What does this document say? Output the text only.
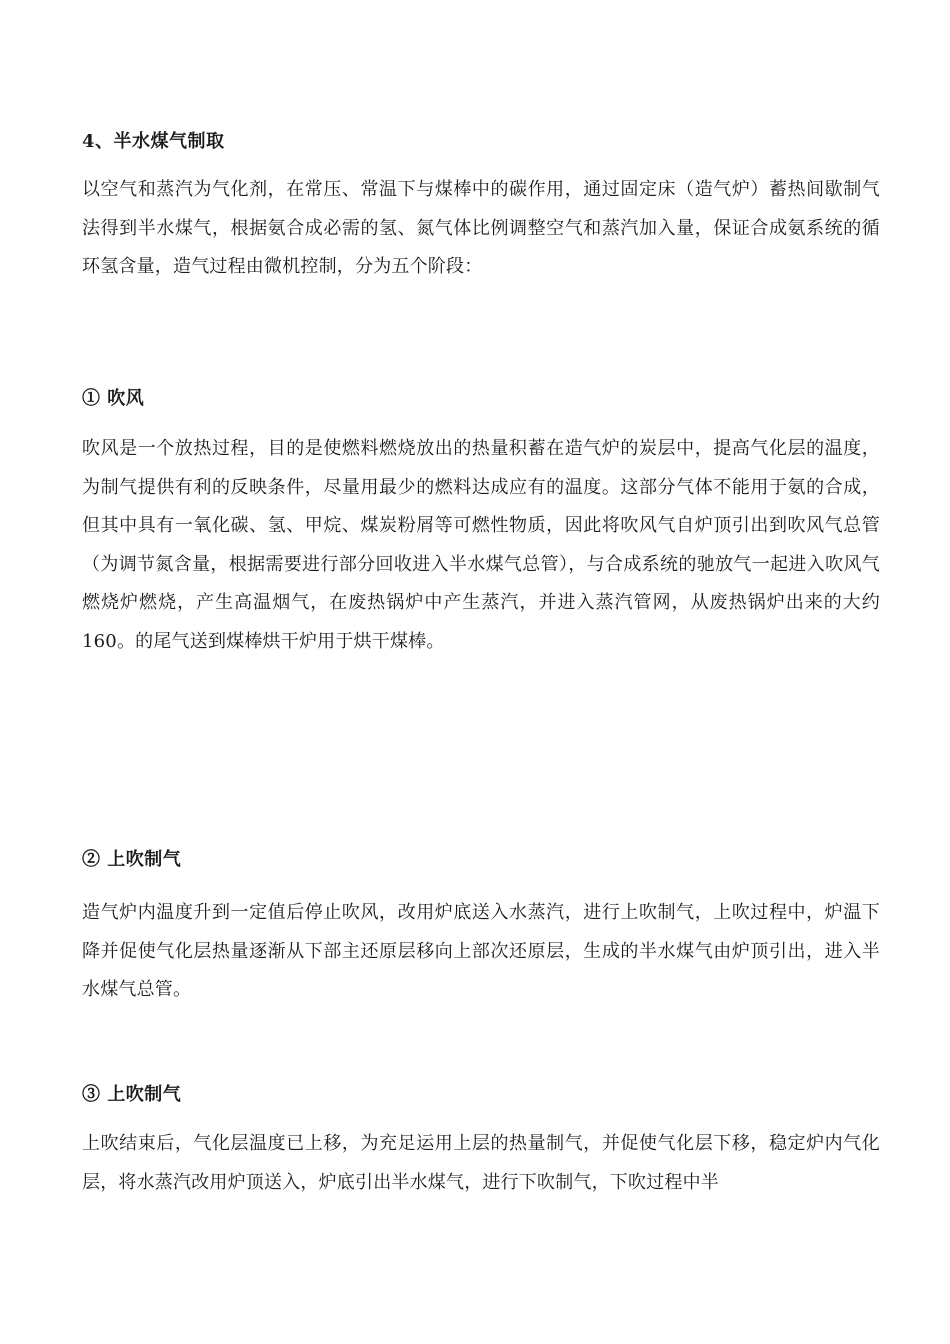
4、半水煤气制取

以空气和蒸汽为气化剂，在常压、常温下与煤棒中的碳作用，通过固定床（造气炉）蓄热间歇制气法得到半水煤气，根据氨合成必需的氢、氮气体比例调整空气和蒸汽加入量，保证合成氨系统的循环氢含量，造气过程由微机控制，分为五个阶段：

① 吹风

吹风是一个放热过程，目的是使燃料燃烧放出的热量积蓄在造气炉的炭层中，提高气化层的温度，为制气提供有利的反映条件，尽量用最少的燃料达成应有的温度。这部分气体不能用于氨的合成，但其中具有一氧化碳、氢、甲烷、煤炭粉屑等可燃性物质，因此将吹风气自炉顶引出到吹风气总管（为调节氮含量，根据需要进行部分回收进入半水煤气总管），与合成系统的驰放气一起进入吹风气燃烧炉燃烧，产生高温烟气，在废热锅炉中产生蒸汽，并进入蒸汽管网，从废热锅炉出来的大约160。的尾气送到煤棒烘干炉用于烘干煤棒。

② 上吹制气

造气炉内温度升到一定值后停止吹风，改用炉底送入水蒸汽，进行上吹制气，上吹过程中，炉温下降并促使气化层热量逐渐从下部主还原层移向上部次还原层，生成的半水煤气由炉顶引出，进入半水煤气总管。

③ 上吹制气

上吹结束后，气化层温度已上移，为充足运用上层的热量制气，并促使气化层下移，稳定炉内气化层，将水蒸汽改用炉顶送入，炉底引出半水煤气，进行下吹制气，下吹过程中半
